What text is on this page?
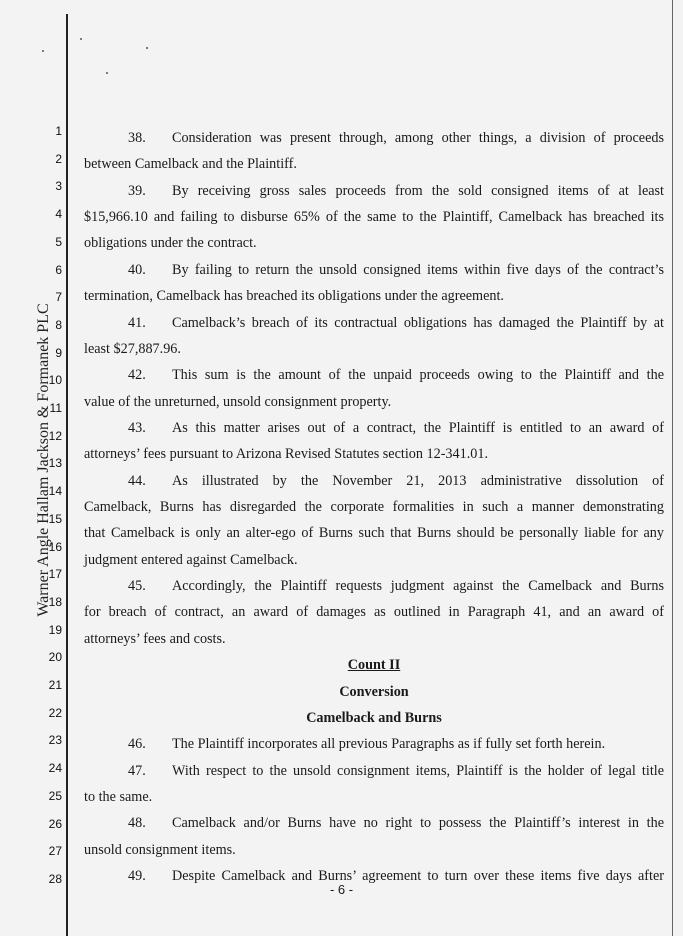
1
2
3
4
5
6
7
8
9
10
11
12
13
14
15
16
17
18
19
20
21
22
23
24
25
26
27
28
Warner Angle Hallam Jackson & Formanek PLC
38.	Consideration was present through, among other things, a division of proceeds
between Camelback and the Plaintiff.
39.	By receiving gross sales proceeds from the sold consigned items of at least
$15,966.10 and failing to disburse 65% of the same to the Plaintiff, Camelback has breached its
obligations under the contract.
40.	By failing to return the unsold consigned items within five days of the contract’s
termination, Camelback has breached its obligations under the agreement.
41.	Camelback’s breach of its contractual obligations has damaged the Plaintiff by at
least $27,887.96.
42.	This sum is the amount of the unpaid proceeds owing to the Plaintiff and the
value of the unreturned, unsold consignment property.
43.	As this matter arises out of a contract, the Plaintiff is entitled to an award of
attorneys’ fees pursuant to Arizona Revised Statutes section 12-341.01.
44.	As illustrated by the November 21, 2013 administrative dissolution of
Camelback, Burns has disregarded the corporate formalities in such a manner demonstrating
that Camelback is only an alter-ego of Burns such that Burns should be personally liable for any
judgment entered against Camelback.
45.	Accordingly, the Plaintiff requests judgment against the Camelback and Burns
for breach of contract, an award of damages as outlined in Paragraph 41, and an award of
attorneys’ fees and costs.
Count II
Conversion
Camelback and Burns
46. The Plaintiff incorporates all previous Paragraphs as if fully set forth herein.
47.	With respect to the unsold consignment items, Plaintiff is the holder of legal title
to the same.
48.	Camelback and/or Burns have no right to possess the Plaintiff’s interest in the
unsold consignment items.
49.	Despite Camelback and Burns’ agreement to turn over these items five days after
- 6 -
